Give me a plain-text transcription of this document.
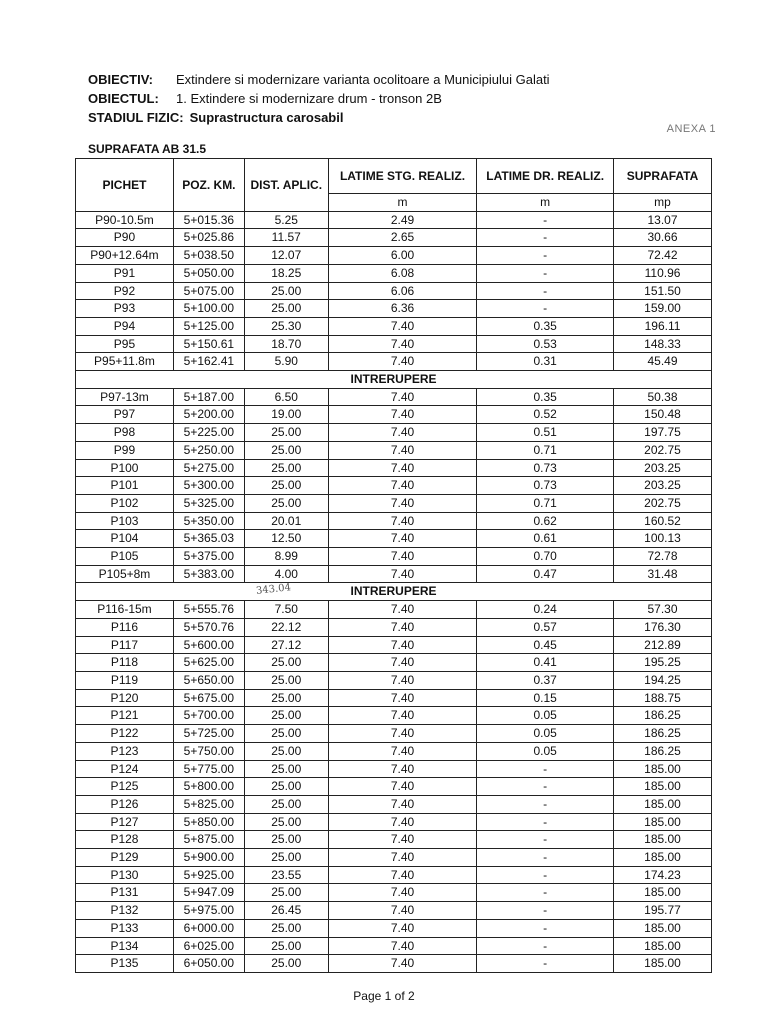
OBIECTIV:	Extindere si modernizare varianta ocolitoare a Municipiului Galati
OBIECTUL:	1. Extindere si modernizare drum - tronson 2B
STADIUL FIZIC: Suprastructura carosabil
ANEXA 1
SUPRAFATA AB 31.5
PICHET	POZ. KM.	DIST. APLIC.	LATIME STG. REALIZ.	LATIME DR. REALIZ.	SUPRAFATA
			m	m	mp
P90-10.5m	5+015.36	5.25	2.49	-	13.07
P90	5+025.86	11.57	2.65	-	30.66
P90+12.64m	5+038.50	12.07	6.00	-	72.42
P91	5+050.00	18.25	6.08	-	110.96
P92	5+075.00	25.00	6.06	-	151.50
P93	5+100.00	25.00	6.36	-	159.00
P94	5+125.00	25.30	7.40	0.35	196.11
P95	5+150.61	18.70	7.40	0.53	148.33
P95+11.8m	5+162.41	5.90	7.40	0.31	45.49
INTRERUPERE					
P97-13m	5+187.00	6.50	7.40	0.35	50.38
P97	5+200.00	19.00	7.40	0.52	150.48
P98	5+225.00	25.00	7.40	0.51	197.75
P99	5+250.00	25.00	7.40	0.71	202.75
P100	5+275.00	25.00	7.40	0.73	203.25
P101	5+300.00	25.00	7.40	0.73	203.25
P102	5+325.00	25.00	7.40	0.71	202.75
P103	5+350.00	20.01	7.40	0.62	160.52
P104	5+365.03	12.50	7.40	0.61	100.13
P105	5+375.00	8.99	7.40	0.70	72.78
P105+8m	5+383.00	4.00	7.40	0.47	31.48
INTRERUPERE					
P116-15m	5+555.76	7.50	7.40	0.24	57.30
P116	5+570.76	22.12	7.40	0.57	176.30
P117	5+600.00	27.12	7.40	0.45	212.89
P118	5+625.00	25.00	7.40	0.41	195.25
P119	5+650.00	25.00	7.40	0.37	194.25
P120	5+675.00	25.00	7.40	0.15	188.75
P121	5+700.00	25.00	7.40	0.05	186.25
P122	5+725.00	25.00	7.40	0.05	186.25
P123	5+750.00	25.00	7.40	0.05	186.25
P124	5+775.00	25.00	7.40	-	185.00
P125	5+800.00	25.00	7.40	-	185.00
P126	5+825.00	25.00	7.40	-	185.00
P127	5+850.00	25.00	7.40	-	185.00
P128	5+875.00	25.00	7.40	-	185.00
P129	5+900.00	25.00	7.40	-	185.00
P130	5+925.00	23.55	7.40	-	174.23
P131	5+947.09	25.00	7.40	-	185.00
P132	5+975.00	26.45	7.40	-	195.77
P133	6+000.00	25.00	7.40	-	185.00
P134	6+025.00	25.00	7.40	-	185.00
P135	6+050.00	25.00	7.40	-	185.00
343.04
Page 1 of 2
